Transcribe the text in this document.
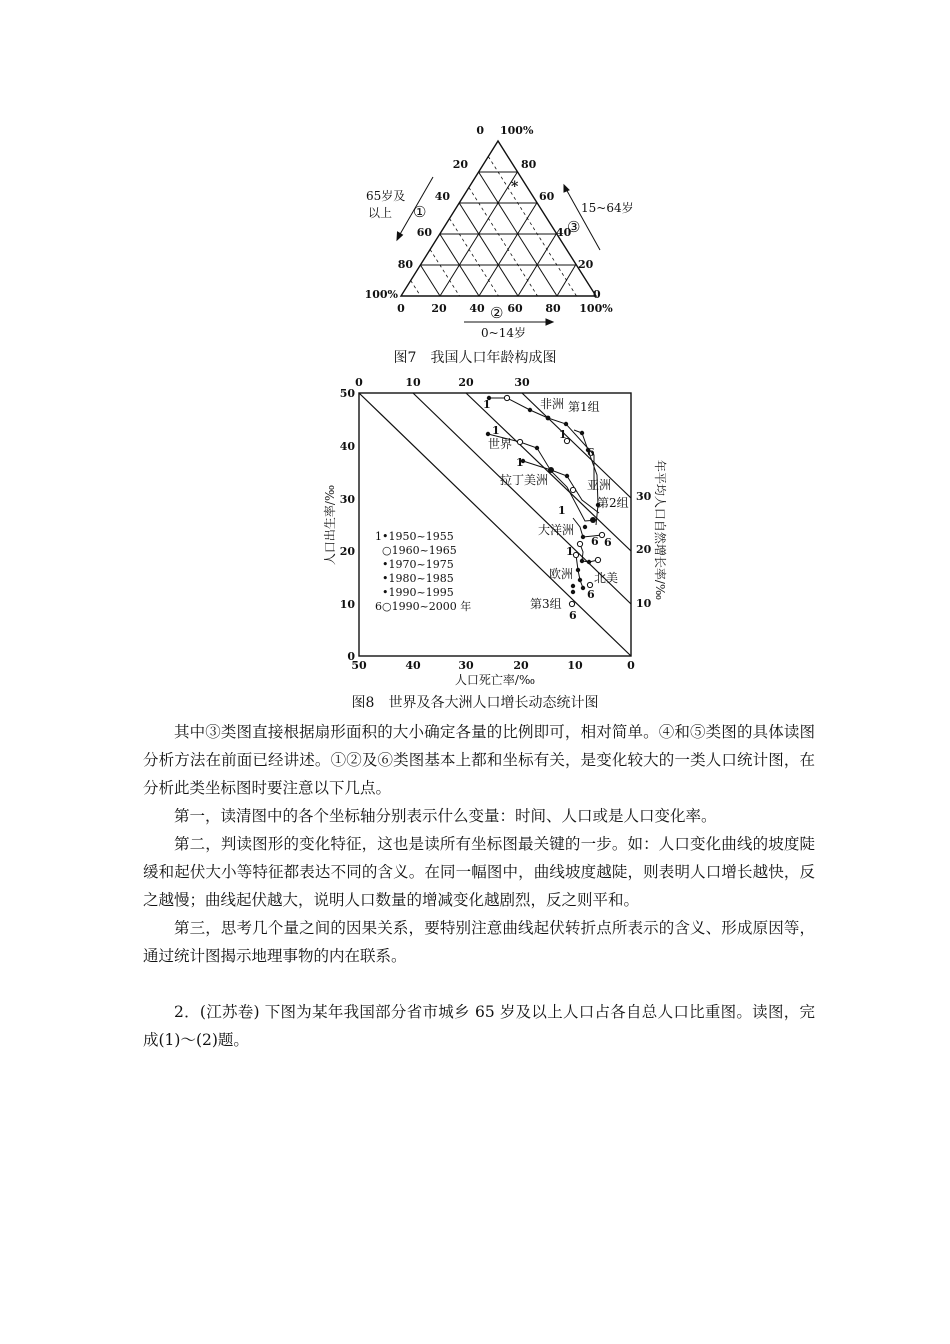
*
0
20
40
60
80
100%
100%
80
60
40
20
0
0 20 40 60 80 100%
65岁及
以上 ①	15~64岁
③
②
0~14岁
图7　我国人口年龄构成图
0	10	20	30
50
40
30
20
10
0
50	40	30	20	10	0
人口出生率/‰
人口死亡率/‰
年平均人口自然增长率/‰
30
20
10
1
1
1
1
6
1
6 6
1
6
6
非洲 第1组
世界
拉丁美洲	亚洲
第2组
大洋洲
欧洲 北美
第3组
1•1950~1955
○1960~1965
•1970~1975
•1980~1985
•1990~1995
6○1990~2000 年
图8　世界及各大洲人口增长动态统计图

其中③类图直接根据扇形面积的大小确定各量的比例即可，相对简单。④和⑤类图的具体读图分析方法在前面已经讲述。①②及⑥类图基本上都和坐标有关，是变化较大的一类人口统计图，在分析此类坐标图时要注意以下几点。

第一，读清图中的各个坐标轴分别表示什么变量：时间、人口或是人口变化率。

第二，判读图形的变化特征，这也是读所有坐标图最关键的一步。如：人口变化曲线的坡度陡缓和起伏大小等特征都表达不同的含义。在同一幅图中，曲线坡度越陡，则表明人口增长越快，反之越慢；曲线起伏越大，说明人口数量的增减变化越剧烈，反之则平和。

第三，思考几个量之间的因果关系，要特别注意曲线起伏转折点所表示的含义、形成原因等，通过统计图揭示地理事物的内在联系。

2．(江苏卷) 下图为某年我国部分省市城乡 65 岁及以上人口占各自总人口比重图。读图，完成(1)～(2)题。
